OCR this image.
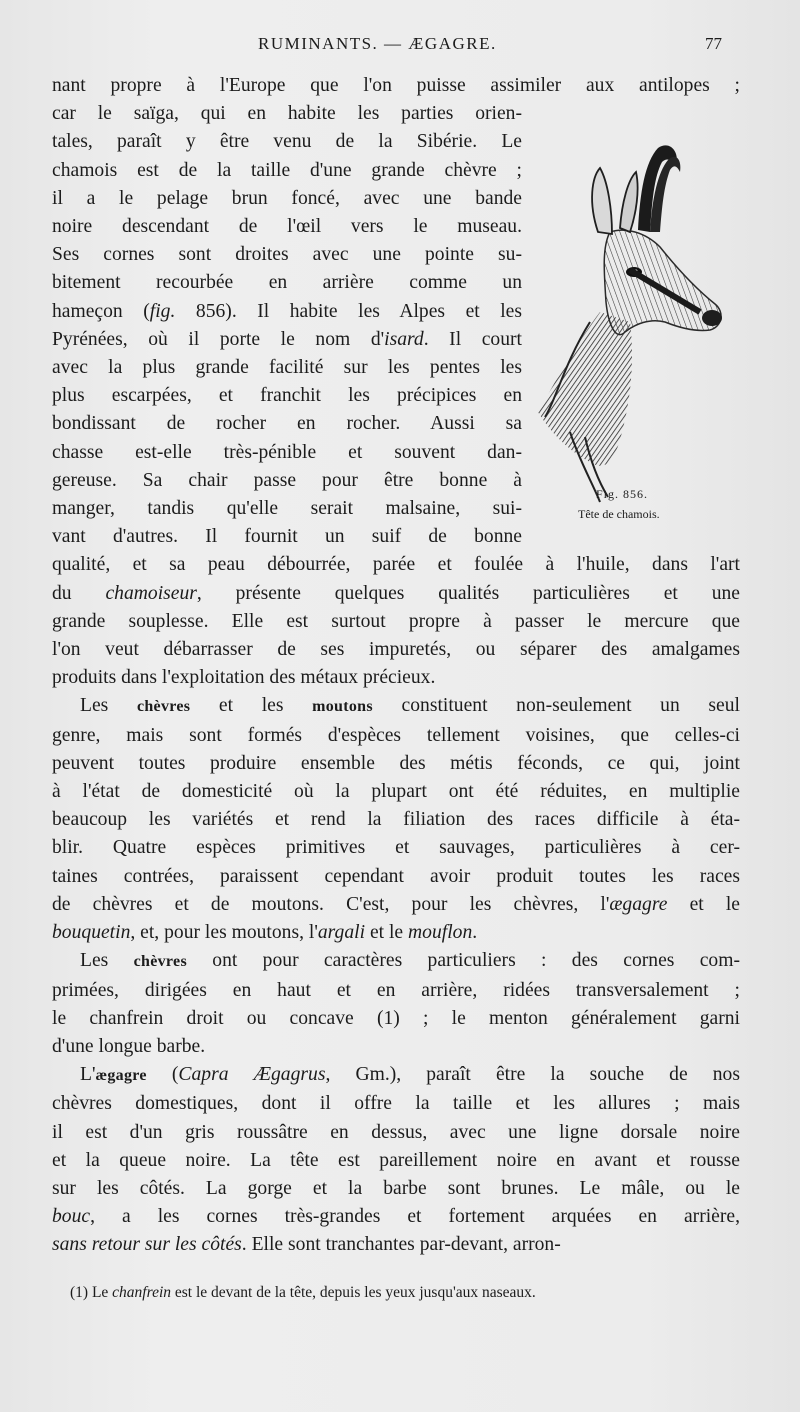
RUMINANTS. — ÆGAGRE.	77
Fig. 856.
Tête de chamois.
nant propre à l'Europe que l'on puisse assimiler aux antilopes ;
car le saïga, qui en habite les parties orien-
tales, paraît y être venu de la Sibérie. Le
chamois est de la taille d'une grande chèvre ;
il a le pelage brun foncé, avec une bande
noire descendant de l'œil vers le museau.
Ses cornes sont droites avec une pointe su-
bitement recourbée en arrière comme un
hameçon (fig. 856). Il habite les Alpes et les
Pyrénées, où il porte le nom d'isard. Il court
avec la plus grande facilité sur les pentes les
plus escarpées, et franchit les précipices en
bondissant de rocher en rocher. Aussi sa
chasse est-elle très-pénible et souvent dan-
gereuse. Sa chair passe pour être bonne à
manger, tandis qu'elle serait malsaine, sui-
vant d'autres. Il fournit un suif de bonne
qualité, et sa peau débourrée, parée et foulée à l'huile, dans l'art
du chamoiseur, présente quelques qualités particulières et une
grande souplesse. Elle est surtout propre à passer le mercure que
l'on veut débarrasser de ses impuretés, ou séparer des amalgames
produits dans l'exploitation des métaux précieux.
Les chèvres et les moutons constituent non-seulement un seul
genre, mais sont formés d'espèces tellement voisines, que celles-ci
peuvent toutes produire ensemble des métis féconds, ce qui, joint
à l'état de domesticité où la plupart ont été réduites, en multiplie
beaucoup les variétés et rend la filiation des races difficile à éta-
blir. Quatre espèces primitives et sauvages, particulières à cer-
taines contrées, paraissent cependant avoir produit toutes les races
de chèvres et de moutons. C'est, pour les chèvres, l'ægagre et le
bouquetin, et, pour les moutons, l'argali et le mouflon.
Les chèvres ont pour caractères particuliers : des cornes com-
primées, dirigées en haut et en arrière, ridées transversalement ;
le chanfrein droit ou concave (1) ; le menton généralement garni
d'une longue barbe.
L'ægagre (Capra Ægagrus, Gm.), paraît être la souche de nos
chèvres domestiques, dont il offre la taille et les allures ; mais
il est d'un gris roussâtre en dessus, avec une ligne dorsale noire
et la queue noire. La tête est pareillement noire en avant et rousse
sur les côtés. La gorge et la barbe sont brunes. Le mâle, ou le
bouc, a les cornes très-grandes et fortement arquées en arrière,
sans retour sur les côtés. Elle sont tranchantes par-devant, arron-
(1) Le chanfrein est le devant de la tête, depuis les yeux jusqu'aux naseaux.
